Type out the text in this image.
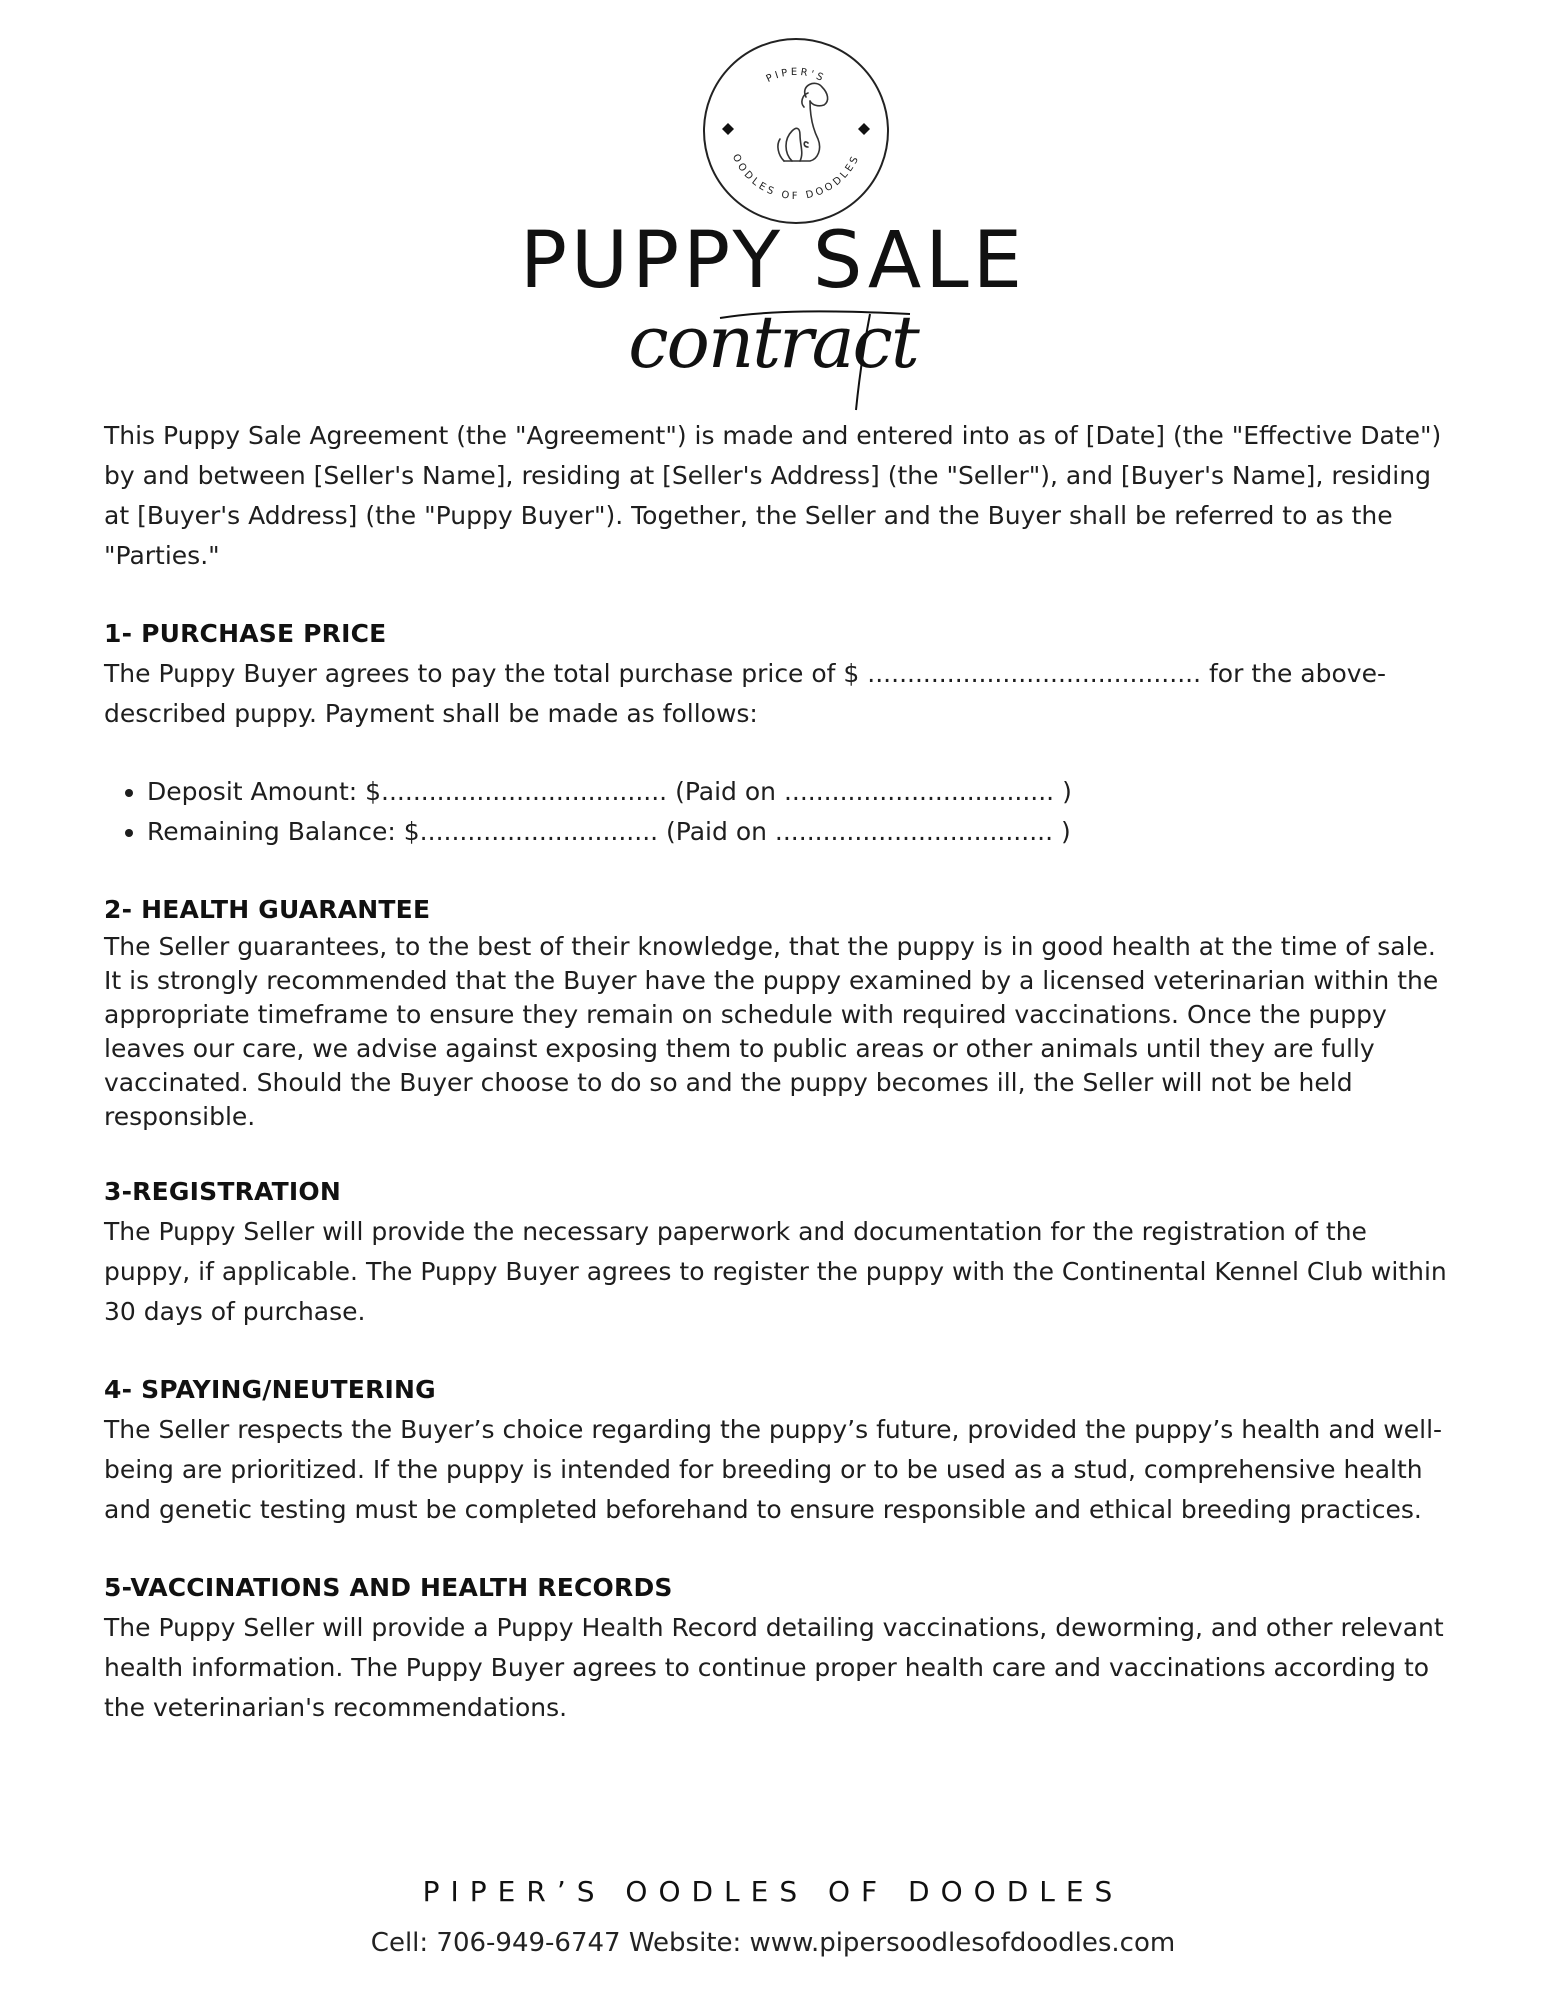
PIPER'S
OODLES OF DOODLES
PUPPY SALE
contract

This Puppy Sale Agreement (the "Agreement") is made and entered into as of [Date] (the "Effective Date") by and between [Seller's Name], residing at [Seller's Address] (the "Seller"), and [Buyer's Name], residing at [Buyer's Address] (the "Puppy Buyer"). Together, the Seller and the Buyer shall be referred to as the "Parties."

1- PURCHASE PRICE

The Puppy Buyer agrees to pay the total purchase price of $ .......................................... for the above-described puppy. Payment shall be made as follows:

• Deposit Amount: $.................................... (Paid on .................................. )
• Remaining Balance: $.............................. (Paid on ................................... )
2- HEALTH GUARANTEE

The Seller guarantees, to the best of their knowledge, that the puppy is in good health at the time of sale. It is strongly recommended that the Buyer have the puppy examined by a licensed veterinarian within the appropriate timeframe to ensure they remain on schedule with required vaccinations. Once the puppy leaves our care, we advise against exposing them to public areas or other animals until they are fully vaccinated. Should the Buyer choose to do so and the puppy becomes ill, the Seller will not be held responsible.

3-REGISTRATION

The Puppy Seller will provide the necessary paperwork and documentation for the registration of the puppy, if applicable. The Puppy Buyer agrees to register the puppy with the Continental Kennel Club within 30 days of purchase.

4- SPAYING/NEUTERING

The Seller respects the Buyer’s choice regarding the puppy’s future, provided the puppy’s health and well-being are prioritized. If the puppy is intended for breeding or to be used as a stud, comprehensive health and genetic testing must be completed beforehand to ensure responsible and ethical breeding practices.

5-VACCINATIONS AND HEALTH RECORDS

The Puppy Seller will provide a Puppy Health Record detailing vaccinations, deworming, and other relevant health information. The Puppy Buyer agrees to continue proper health care and vaccinations according to the veterinarian's recommendations.

PIPER’S OODLES OF DOODLES
Cell: 706-949-6747 Website: www.pipersoodlesofdoodles.com
